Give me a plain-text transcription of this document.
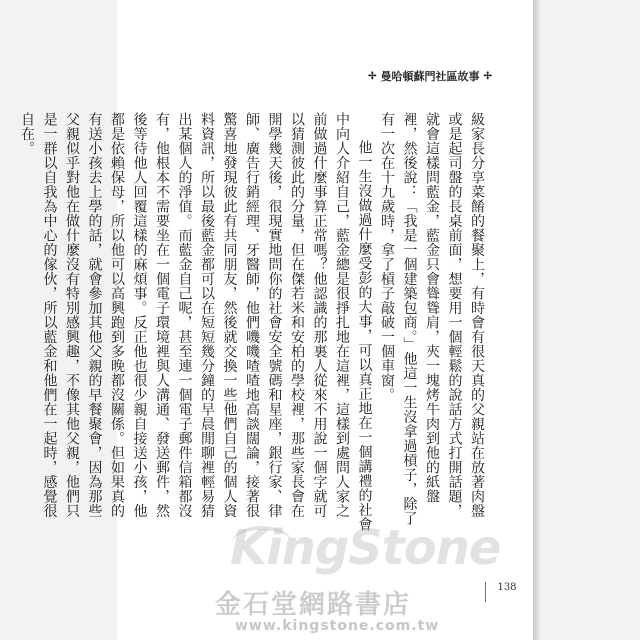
✢ 曼哈頓蘇門社區故事 ✢

級家長分享菜餚的餐聚上，有時會有很天真的父親站在放著肉盤或是起司盤的長桌前面，想要用一個輕鬆的說話方式打開話題，就會這樣問藍金，藍金只會聳聳肩，夾一塊烤牛肉到他的紙盤裡，然後說：「我是一個建築包商。」他這一生沒拿過槓子，除了有一次在十九歲時，拿了槓子敲破一個車窗。

他一生沒做過什麼受彭的大事，可以真正地在一個講禮的社會中向人介紹自己，藍金總是很掙扎地在這裡，這樣到處問人家之前做過什麼事算正常嗎？他認識的那裏人從來不用說一個字就可以猜測彼此的分量，但在傑若米和安柏的學校裡，那些家長會在開學幾天後，很現實地問你的社會安全號碼和星座，銀行家、律師、廣告行銷經理、牙醫師，他們嘰嘰喳喳地高談闊論，接著很驚喜地發現彼此有共同朋友，然後就交換一些他們自己的個人資料資訊，所以最後藍金都可以在短短幾分鐘的早晨閒聊裡輕易猜出某個人的淨值。而藍金自己呢，甚至連一個電子郵件信箱都沒有，他根本不需要坐在一個電子環境裡與人溝通、發送郵件，然後等待他人回覆這樣的麻煩事。反正他也很少親自接送小孩，他都是依賴保母，所以他可以高興跑到多晚都沒關係。但如果真的有送小孩去上學的話，就會參加其他父親的早餐聚會，因為那些父親似乎對他在做什麼沒有特別感興趣，不像其他父親，他們只是一群以自我為中心的傢伙，所以藍金和他們在一起時，感覺很自在。

138
KingStone
金石堂網路書店
www.kingstone.com.tw
